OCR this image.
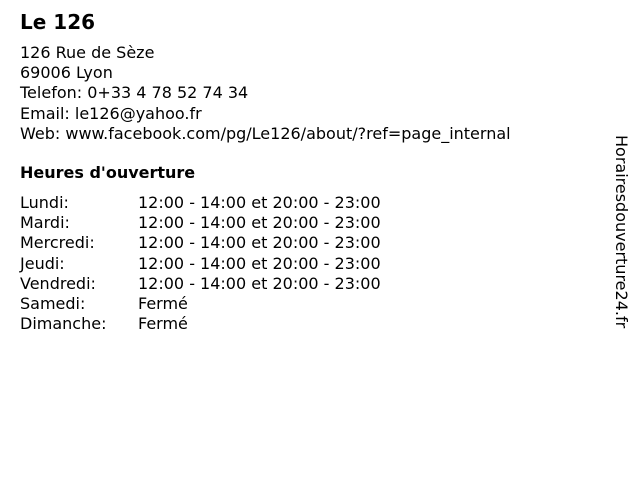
Le 126
126 Rue de Sèze
69006 Lyon
Telefon: 0+33 4 78 52 74 34
Email: le126@yahoo.fr
Web: www.facebook.com/pg/Le126/about/?ref=page_internal
Heures d'ouverture
Lundi:	12:00 - 14:00 et 20:00 - 23:00
Mardi:	12:00 - 14:00 et 20:00 - 23:00
Mercredi:	12:00 - 14:00 et 20:00 - 23:00
Jeudi:	12:00 - 14:00 et 20:00 - 23:00
Vendredi:	12:00 - 14:00 et 20:00 - 23:00
Samedi:	Fermé
Dimanche:	Fermé	Horairesdouverture24.fr
